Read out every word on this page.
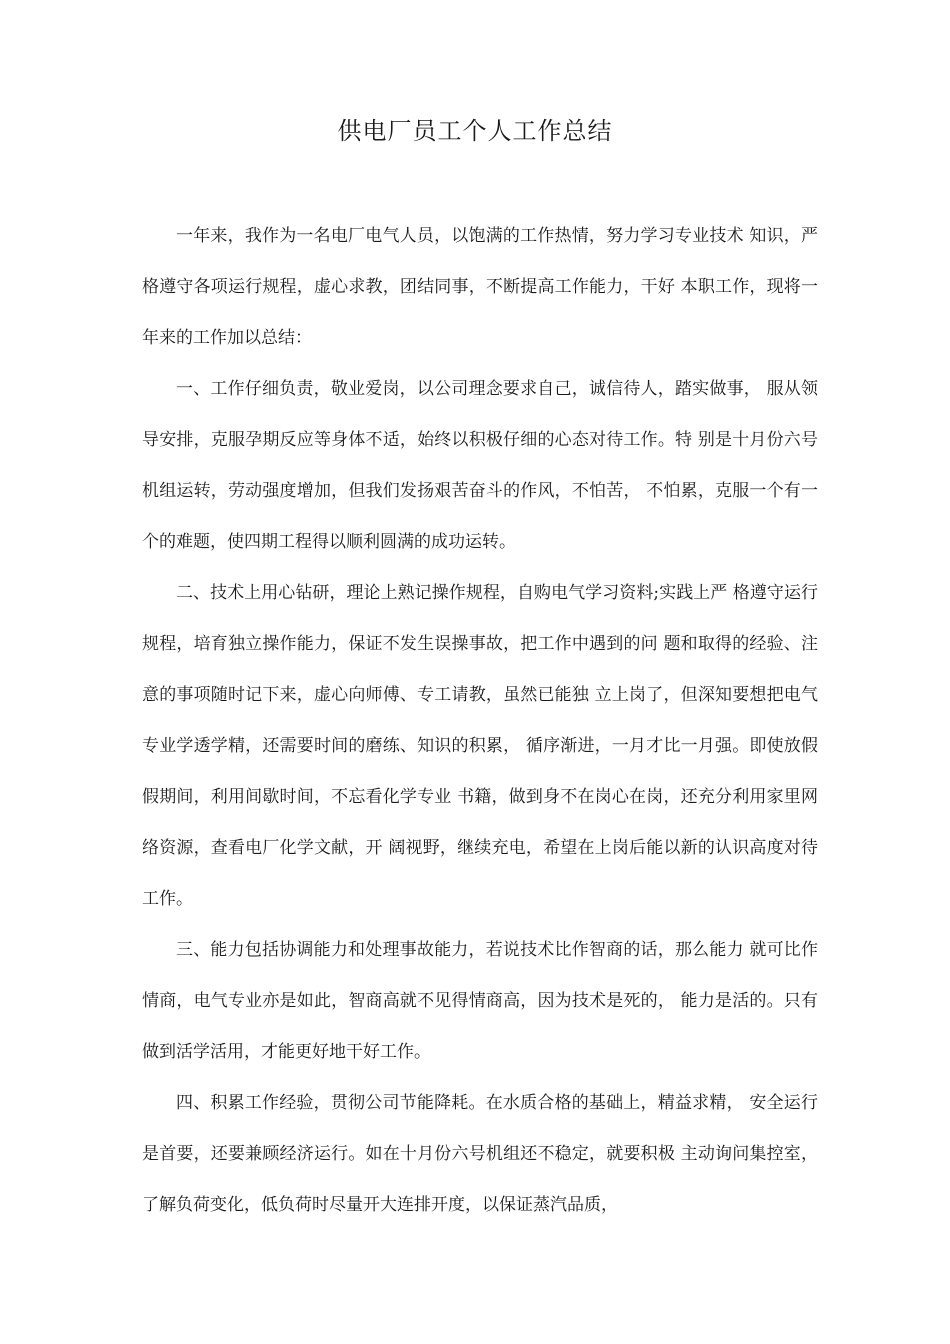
供电厂员工个人工作总结

一年来，我作为一名电厂电气人员，以饱满的工作热情，努力学习专业技术 知识，严格遵守各项运行规程，虚心求教，团结同事，不断提高工作能力，干好 本职工作，现将一年来的工作加以总结：

一、工作仔细负责，敬业爱岗，以公司理念要求自己，诚信待人，踏实做事， 服从领导安排，克服孕期反应等身体不适，始终以积极仔细的心态对待工作。特 别是十月份六号机组运转，劳动强度增加，但我们发扬艰苦奋斗的作风，不怕苦， 不怕累，克服一个有一个的难题，使四期工程得以顺利圆满的成功运转。

二、技术上用心钻研，理论上熟记操作规程，自购电气学习资料;实践上严 格遵守运行规程，培育独立操作能力，保证不发生误操事故，把工作中遇到的问 题和取得的经验、注意的事项随时记下来，虚心向师傅、专工请教，虽然已能独 立上岗了，但深知要想把电气专业学透学精，还需要时间的磨练、知识的积累， 循序渐进，一月才比一月强。即使放假假期间，利用间歇时间，不忘看化学专业 书籍，做到身不在岗心在岗，还充分利用家里网络资源，查看电厂化学文献，开 阔视野，继续充电，希望在上岗后能以新的认识高度对待工作。

三、能力包括协调能力和处理事故能力，若说技术比作智商的话，那么能力 就可比作情商，电气专业亦是如此，智商高就不见得情商高，因为技术是死的， 能力是活的。只有做到活学活用，才能更好地干好工作。

四、积累工作经验，贯彻公司节能降耗。在水质合格的基础上，精益求精， 安全运行是首要，还要兼顾经济运行。如在十月份六号机组还不稳定，就要积极 主动询问集控室，了解负荷变化，低负荷时尽量开大连排开度，以保证蒸汽品质，
